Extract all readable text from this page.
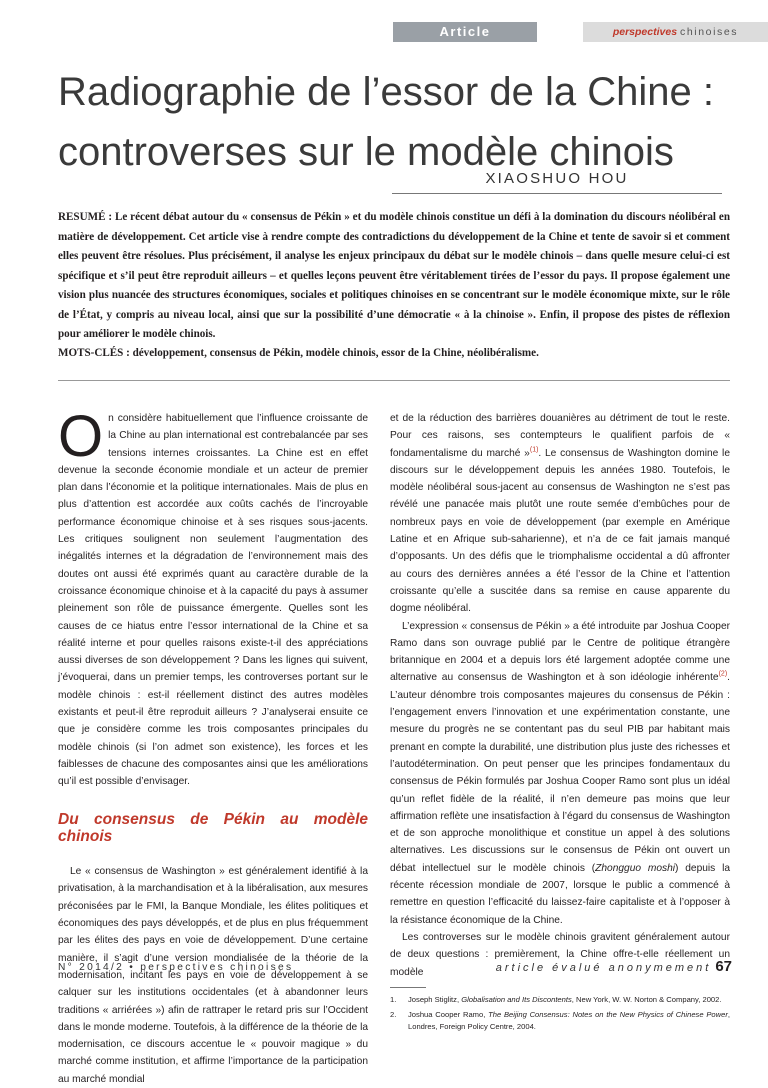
Article	perspectives chinoises
Radiographie de l’essor de la Chine : controverses sur le modèle chinois
XIAOSHUO HOU

RESUMÉ : Le récent débat autour du « consensus de Pékin » et du modèle chinois constitue un défi à la domination du discours néolibéral en matière de développement. Cet article vise à rendre compte des contradictions du développement de la Chine et tente de savoir si et comment elles peuvent être résolues. Plus précisément, il analyse les enjeux principaux du débat sur le modèle chinois – dans quelle mesure celui-ci est spécifique et s’il peut être reproduit ailleurs – et quelles leçons peuvent être véritablement tirées de l’essor du pays. Il propose également une vision plus nuancée des structures économiques, sociales et politiques chinoises en se concentrant sur le modèle économique mixte, sur le rôle de l’État, y compris au niveau local, ainsi que sur la possibilité d’une démocratie « à la chinoise ». Enfin, il propose des pistes de réflexion pour améliorer le modèle chinois.

MOTS-CLÉS : développement, consensus de Pékin, modèle chinois, essor de la Chine, néolibéralisme.

On considère habituellement que l’influence croissante de la Chine au plan international est contrebalancée par ses tensions internes croissantes. La Chine est en effet devenue la seconde économie mondiale et un acteur de premier plan dans l’économie et la politique internationales. Mais de plus en plus d’attention est accordée aux coûts cachés de l’incroyable performance économique chinoise et à ses risques sous-jacents. Les critiques soulignent non seulement l’augmentation des inégalités internes et la dégradation de l’environnement mais des doutes ont aussi été exprimés quant au caractère durable de la croissance économique chinoise et à la capacité du pays à assumer pleinement son rôle de puissance émergente. Quelles sont les causes de ce hiatus entre l’essor international de la Chine et sa réalité interne et pour quelles raisons existe-t-il des appréciations aussi diverses de son développement ? Dans les lignes qui suivent, j’évoquerai, dans un premier temps, les controverses portant sur le modèle chinois : est-il réellement distinct des autres modèles existants et peut-il être reproduit ailleurs ? J’analyserai ensuite ce que je considère comme les trois composantes principales du modèle chinois (si l’on admet son existence), les forces et les faiblesses de chacune des composantes ainsi que les améliorations qu’il est possible d’envisager.

Du consensus de Pékin au modèle chinois

Le « consensus de Washington » est généralement identifié à la privatisation, à la marchandisation et à la libéralisation, aux mesures préconisées par le FMI, la Banque Mondiale, les élites politiques et économiques des pays développés, et de plus en plus fréquemment par les élites des pays en voie de développement. D’une certaine manière, il s’agit d’une version mondialisée de la théorie de la modernisation, incitant les pays en voie de développement à se calquer sur les institutions occidentales (et à abandonner leurs traditions « arriérées ») afin de rattraper le retard pris sur l’Occident dans le monde moderne. Toutefois, à la différence de la théorie de la modernisation, ce discours accentue le « pouvoir magique » du marché comme institution, et affirme l’importance de la participation au marché mondial

et de la réduction des barrières douanières au détriment de tout le reste. Pour ces raisons, ses contempteurs le qualifient parfois de « fondamentalisme du marché »$^{(1)}$. Le consensus de Washington domine le discours sur le développement depuis les années 1980. Toutefois, le modèle néolibéral sous-jacent au consensus de Washington ne s’est pas révélé une panacée mais plutôt une route semée d’embûches pour de nombreux pays en voie de développement (par exemple en Amérique Latine et en Afrique sub-saharienne), et n’a de ce fait jamais manqué d’opposants. Un des défis que le triomphalisme occidental a dû affronter au cours des dernières années a été l’essor de la Chine et l’attention croissante qu’elle a suscitée dans sa remise en cause apparente du dogme néolibéral.

L’expression « consensus de Pékin » a été introduite par Joshua Cooper Ramo dans son ouvrage publié par le Centre de politique étrangère britannique en 2004 et a depuis lors été largement adoptée comme une alternative au consensus de Washington et à son idéologie inhérente$^{(2)}$. L’auteur dénombre trois composantes majeures du consensus de Pékin : l’engagement envers l’innovation et une expérimentation constante, une mesure du progrès ne se contentant pas du seul PIB par habitant mais prenant en compte la durabilité, une distribution plus juste des richesses et l’autodétermination. On peut penser que les principes fondamentaux du consensus de Pékin formulés par Joshua Cooper Ramo sont plus un idéal qu’un reflet fidèle de la réalité, il n’en demeure pas moins que leur affirmation reflète une insatisfaction à l’égard du consensus de Washington et de son approche monolithique et constitue un appel à des solutions alternatives. Les discussions sur le consensus de Pékin ont ouvert un débat intellectuel sur le modèle chinois (Zhongguo moshi) depuis la récente récession mondiale de 2007, lorsque le public a commencé à remettre en question l’efficacité du laissez-faire capitaliste et à l’opposer à la résistance économique de la Chine.

Les controverses sur le modèle chinois gravitent généralement autour de deux questions : premièrement, la Chine offre-t-elle réellement un modèle

1.	Joseph Stiglitz, Globalisation and Its Discontents, New York, W. W. Norton & Company, 2002.
2.	Joshua Cooper Ramo, The Beijing Consensus: Notes on the New Physics of Chinese Power, Londres, Foreign Policy Centre, 2004.
N° 2014/2 • perspectives chinoises	article évalué anonymement 67
